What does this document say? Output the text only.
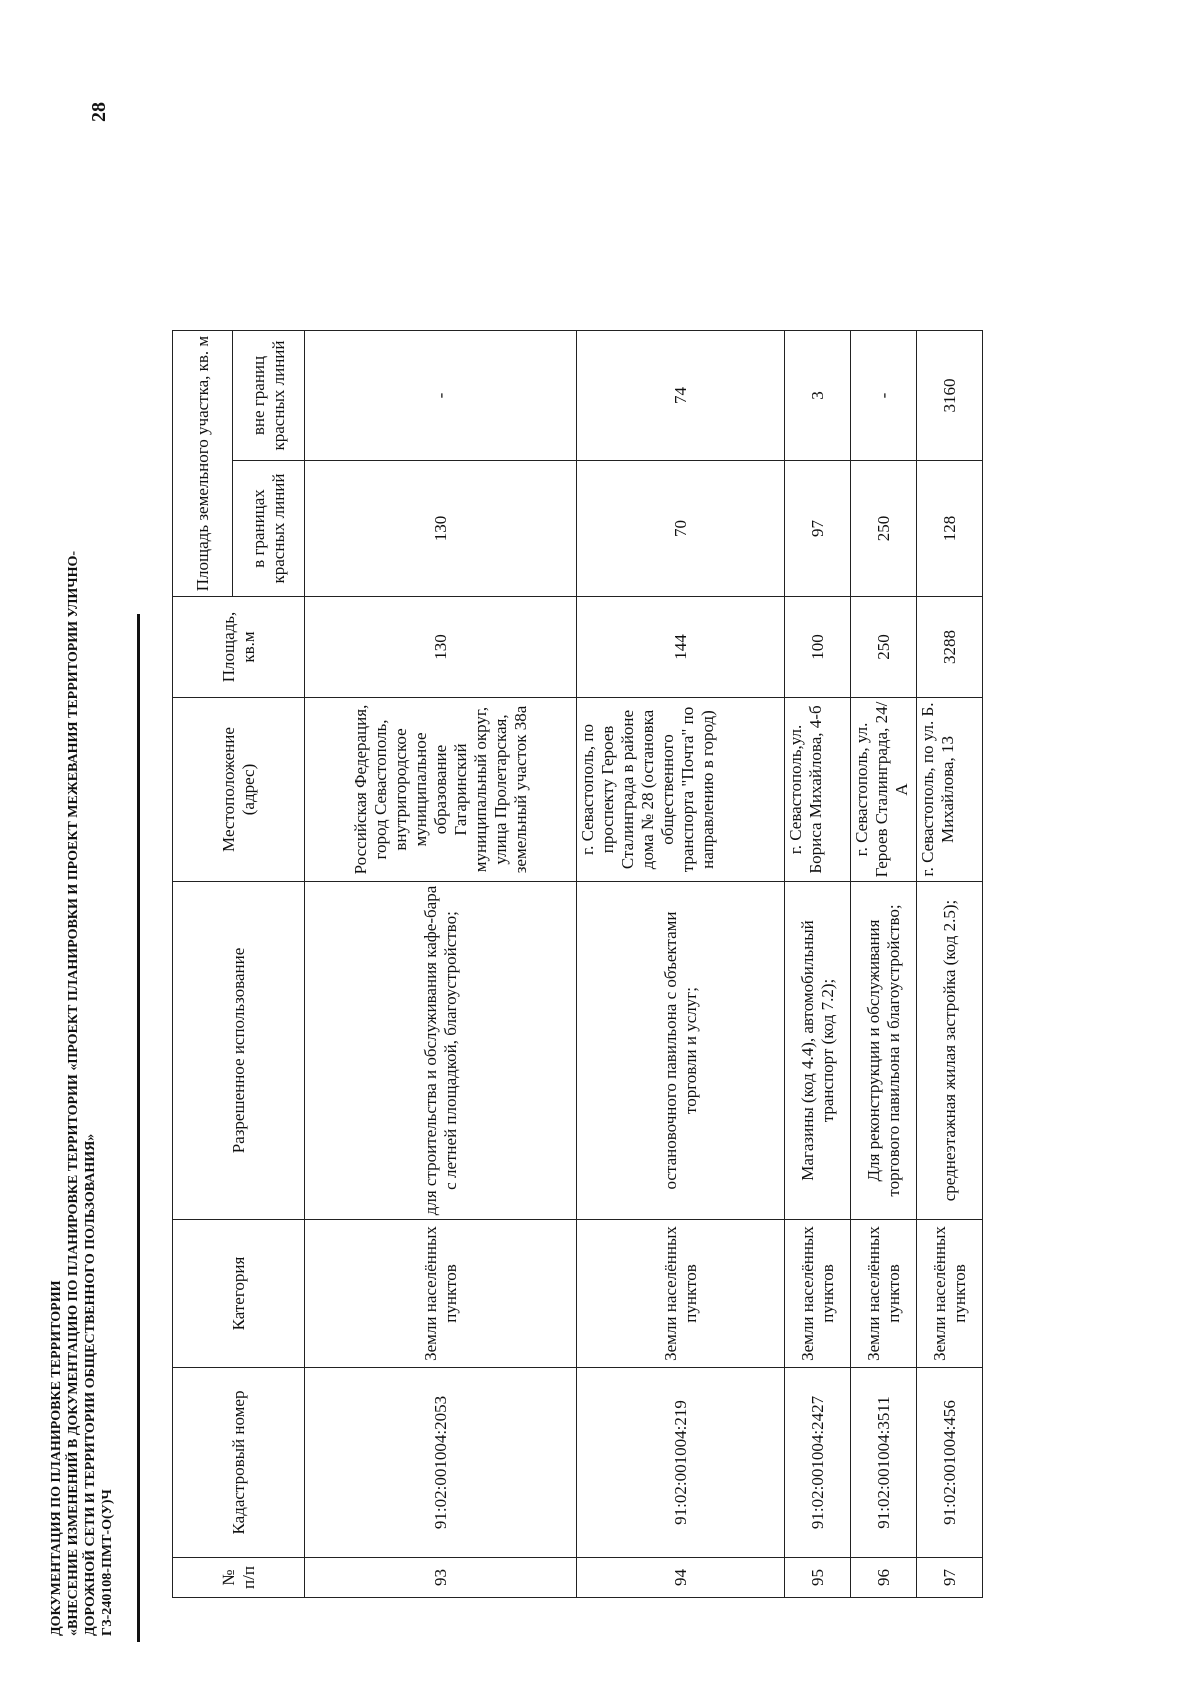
28
ДОКУМЕНТАЦИЯ ПО ПЛАНИРОВКЕ ТЕРРИТОРИИ «ВНЕСЕНИЕ ИЗМЕНЕНИЙ В ДОКУМЕНТАЦИЮ ПО ПЛАНИРОВКЕ ТЕРРИТОРИИ «ПРОЕКТ ПЛАНИРОВКИ И ПРОЕКТ МЕЖЕВАНИЯ ТЕРРИТОРИИ УЛИЧНО- ДОРОЖНОЙ СЕТИ И ТЕРРИТОРИИ ОБЩЕСТВЕННОГО ПОЛЬЗОВАНИЯ» ГЗ-240108-ПМТ-О(У)Ч	№ п/п	Кадастровый номер	Категория	Разрешенное использование	Местоположение (адрес)	Площадь, кв.м	Площадь земельного участка, кв. м	
						в границах красных линий	вне границ красных линий
93	91:02:001004:2053	Земли населённых пунктов	для строительства и обслуживания кафе-бара с летней площадкой, благоустройство;	Российская Федерация, город Севастополь, внутригородское муниципальное образование Гагаринский муниципальный округ, улица Пролетарская, земельный участок 38а	130	130	-
94	91:02:001004:219	Земли населённых пунктов	остановочного павильона с объектами торговли и услуг;	г. Севастополь, по проспекту Героев Сталинграда в районе дома № 28 (остановка общественного транспорта "Почта" по направлению в город)	144	70	74
95	91:02:001004:2427	Земли населённых пунктов	Магазины (код 4.4), автомобильный транспорт (код 7.2);	г. Севастополь,ул. Бориса Михайлова, 4-б	100	97	3
96	91:02:001004:3511	Земли населённых пунктов	Для реконструкции и обслуживания торгового павильона и благоустройство;	г. Севастополь, ул. Героев Сталинграда, 24/А	250	250	-
97	91:02:001004:456	Земли населённых пунктов	среднеэтажная жилая застройка (код 2.5);	г. Севастополь, по ул. Б. Михайлова, 13	3288	128	3160
